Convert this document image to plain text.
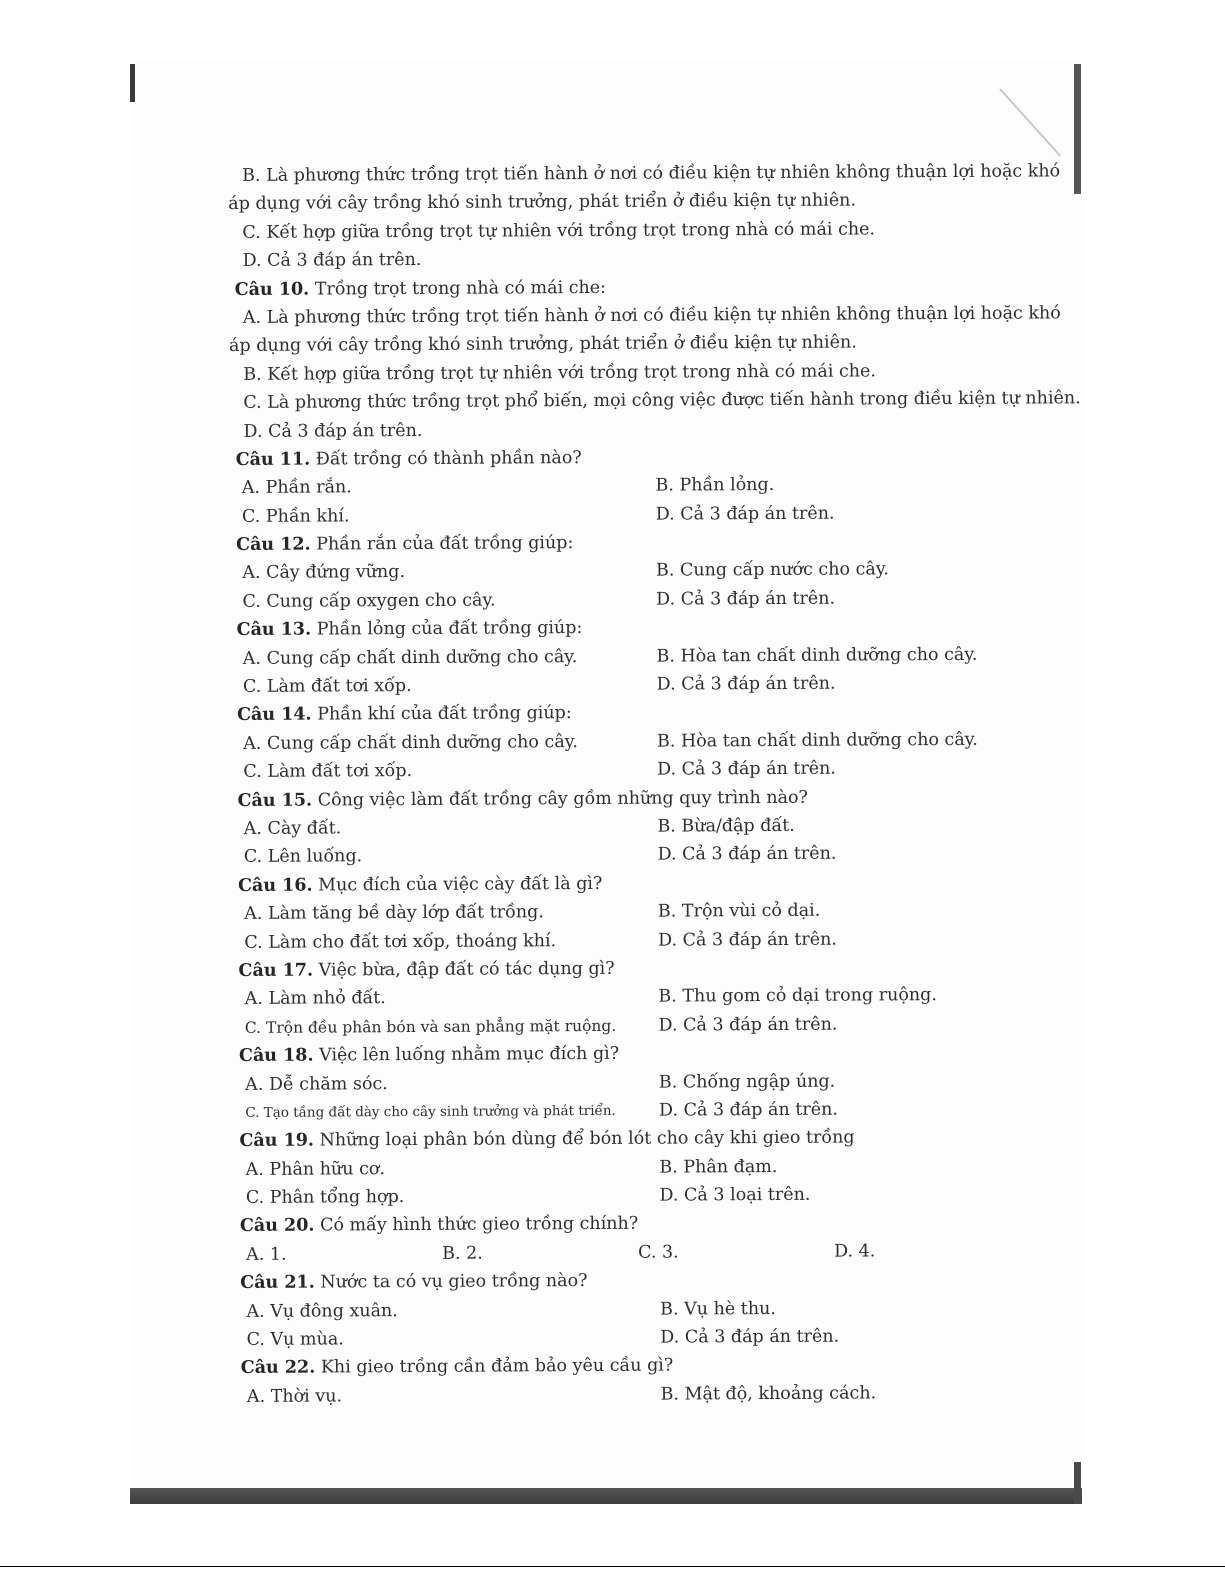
B. Là phương thức trồng trọt tiến hành ở nơi có điều kiện tự nhiên không thuận lợi hoặc khó
áp dụng với cây trồng khó sinh trưởng, phát triển ở điều kiện tự nhiên.
C. Kết hợp giữa trồng trọt tự nhiên với trồng trọt trong nhà có mái che.
D. Cả 3 đáp án trên.
Câu 10. Trồng trọt trong nhà có mái che:
A. Là phương thức trồng trọt tiến hành ở nơi có điều kiện tự nhiên không thuận lợi hoặc khó
áp dụng với cây trồng khó sinh trưởng, phát triển ở điều kiện tự nhiên.
B. Kết hợp giữa trồng trọt tự nhiên với trồng trọt trong nhà có mái che.
C. Là phương thức trồng trọt phổ biến, mọi công việc được tiến hành trong điều kiện tự nhiên.
D. Cả 3 đáp án trên.
Câu 11. Đất trồng có thành phần nào?
A. Phần rắn.	B. Phần lỏng.
C. Phần khí.	D. Cả 3 đáp án trên.
Câu 12. Phần rắn của đất trồng giúp:
A. Cây đứng vững.	B. Cung cấp nước cho cây.
C. Cung cấp oxygen cho cây.	D. Cả 3 đáp án trên.
Câu 13. Phần lỏng của đất trồng giúp:
A. Cung cấp chất dinh dưỡng cho cây.	B. Hòa tan chất dinh dưỡng cho cây.
C. Làm đất tơi xốp.	D. Cả 3 đáp án trên.
Câu 14. Phần khí của đất trồng giúp:
A. Cung cấp chất dinh dưỡng cho cây.	B. Hòa tan chất dinh dưỡng cho cây.
C. Làm đất tơi xốp.	D. Cả 3 đáp án trên.
Câu 15. Công việc làm đất trồng cây gồm những quy trình nào?
A. Cày đất.	B. Bừa/đập đất.
C. Lên luống.	D. Cả 3 đáp án trên.
Câu 16. Mục đích của việc cày đất là gì?
A. Làm tăng bề dày lớp đất trồng.	B. Trộn vùi cỏ dại.
C. Làm cho đất tơi xốp, thoáng khí.	D. Cả 3 đáp án trên.
Câu 17. Việc bừa, đập đất có tác dụng gì?
A. Làm nhỏ đất.	B. Thu gom cỏ dại trong ruộng.
C. Trộn đều phân bón và san phẳng mặt ruộng.	D. Cả 3 đáp án trên.
Câu 18. Việc lên luống nhằm mục đích gì?
A. Dễ chăm sóc.	B. Chống ngập úng.
C. Tạo tầng đất dày cho cây sinh trưởng và phát triển.	D. Cả 3 đáp án trên.
Câu 19. Những loại phân bón dùng để bón lót cho cây khi gieo trồng
A. Phân hữu cơ.	B. Phân đạm.
C. Phân tổng hợp.	D. Cả 3 loại trên.
Câu 20. Có mấy hình thức gieo trồng chính?
A. 1.	B. 2.	C. 3.	D. 4.
Câu 21. Nước ta có vụ gieo trồng nào?
A. Vụ đông xuân.	B. Vụ hè thu.
C. Vụ mùa.	D. Cả 3 đáp án trên.
Câu 22. Khi gieo trồng cần đảm bảo yêu cầu gì?
A. Thời vụ.	B. Mật độ, khoảng cách.
